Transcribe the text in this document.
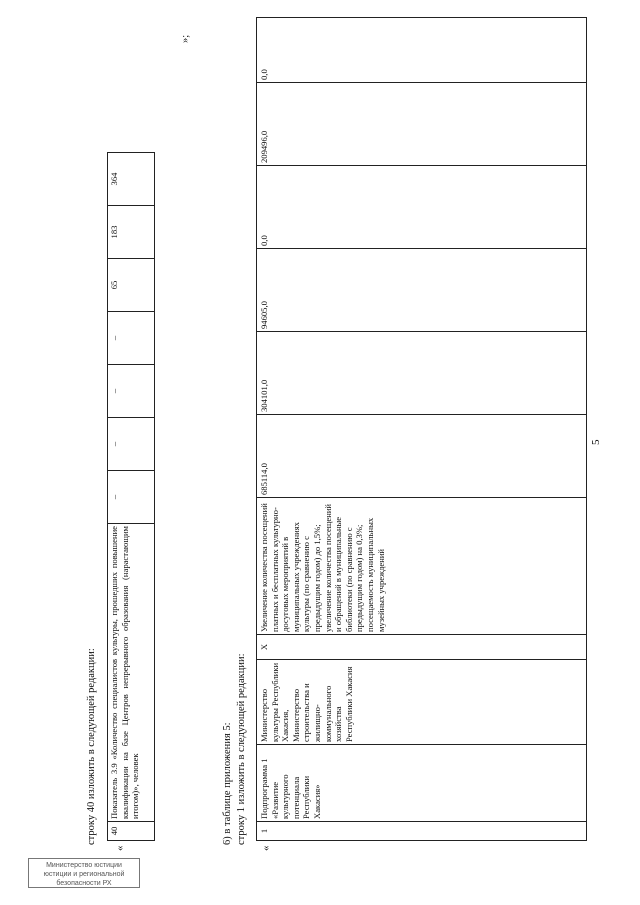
5
Министерство юстиции
юстиции и региональной
безопасности РХ
строку 40 изложить в следующей редакции:
«
40	Показатель 3.9 «Количество специалистов культуры, прошедших повышение квалификации на базе Центров непрерывного образования (нарастающим итогом)», человек	–	–	–	–	65	183	364
»;
6) в таблице приложения 5: строку 1 изложить в следующей редакции:
«
1	Подпрограмма 1 «Развитие культурного потенциала Республики Хакасия»	Министерство культуры Республики Хакасия, Министерство строительства и жилищно-коммунального хозяйства Республики Хакасия	Х	Увеличение количества посещений платных и бесплатных культурно-досуговых мероприятий в муниципальных учреждениях культуры (по сравнению с предыдущим годом) до 1,5%; увеличение количества посещений и обращений в муниципальные библиотеки (по сравнению с предыдущим годом) на 0,3%; посещаемость муниципальных музейных учреждений	685114,0	304101,0	94605,0	0,0	209496,0	0,0
